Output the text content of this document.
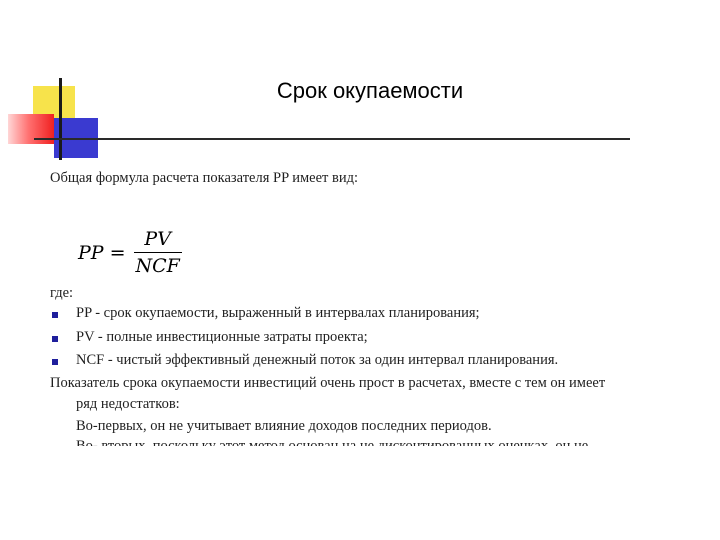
Срок окупаемости
Общая формула расчета показателя PP имеет вид:
PP = $\frac{PV}{\text{NCF}}$
где:
PP - срок окупаемости, выраженный в интервалах планирования;
PV - полные инвестиционные затраты проекта;
NCF - чистый эффективный денежный поток за один интервал планирования.
Показатель срока окупаемости инвестиций очень прост в расчетах, вместе с тем он имеет
ряд недостатков:
Во-первых, он не учитывает влияние доходов последних периодов.
